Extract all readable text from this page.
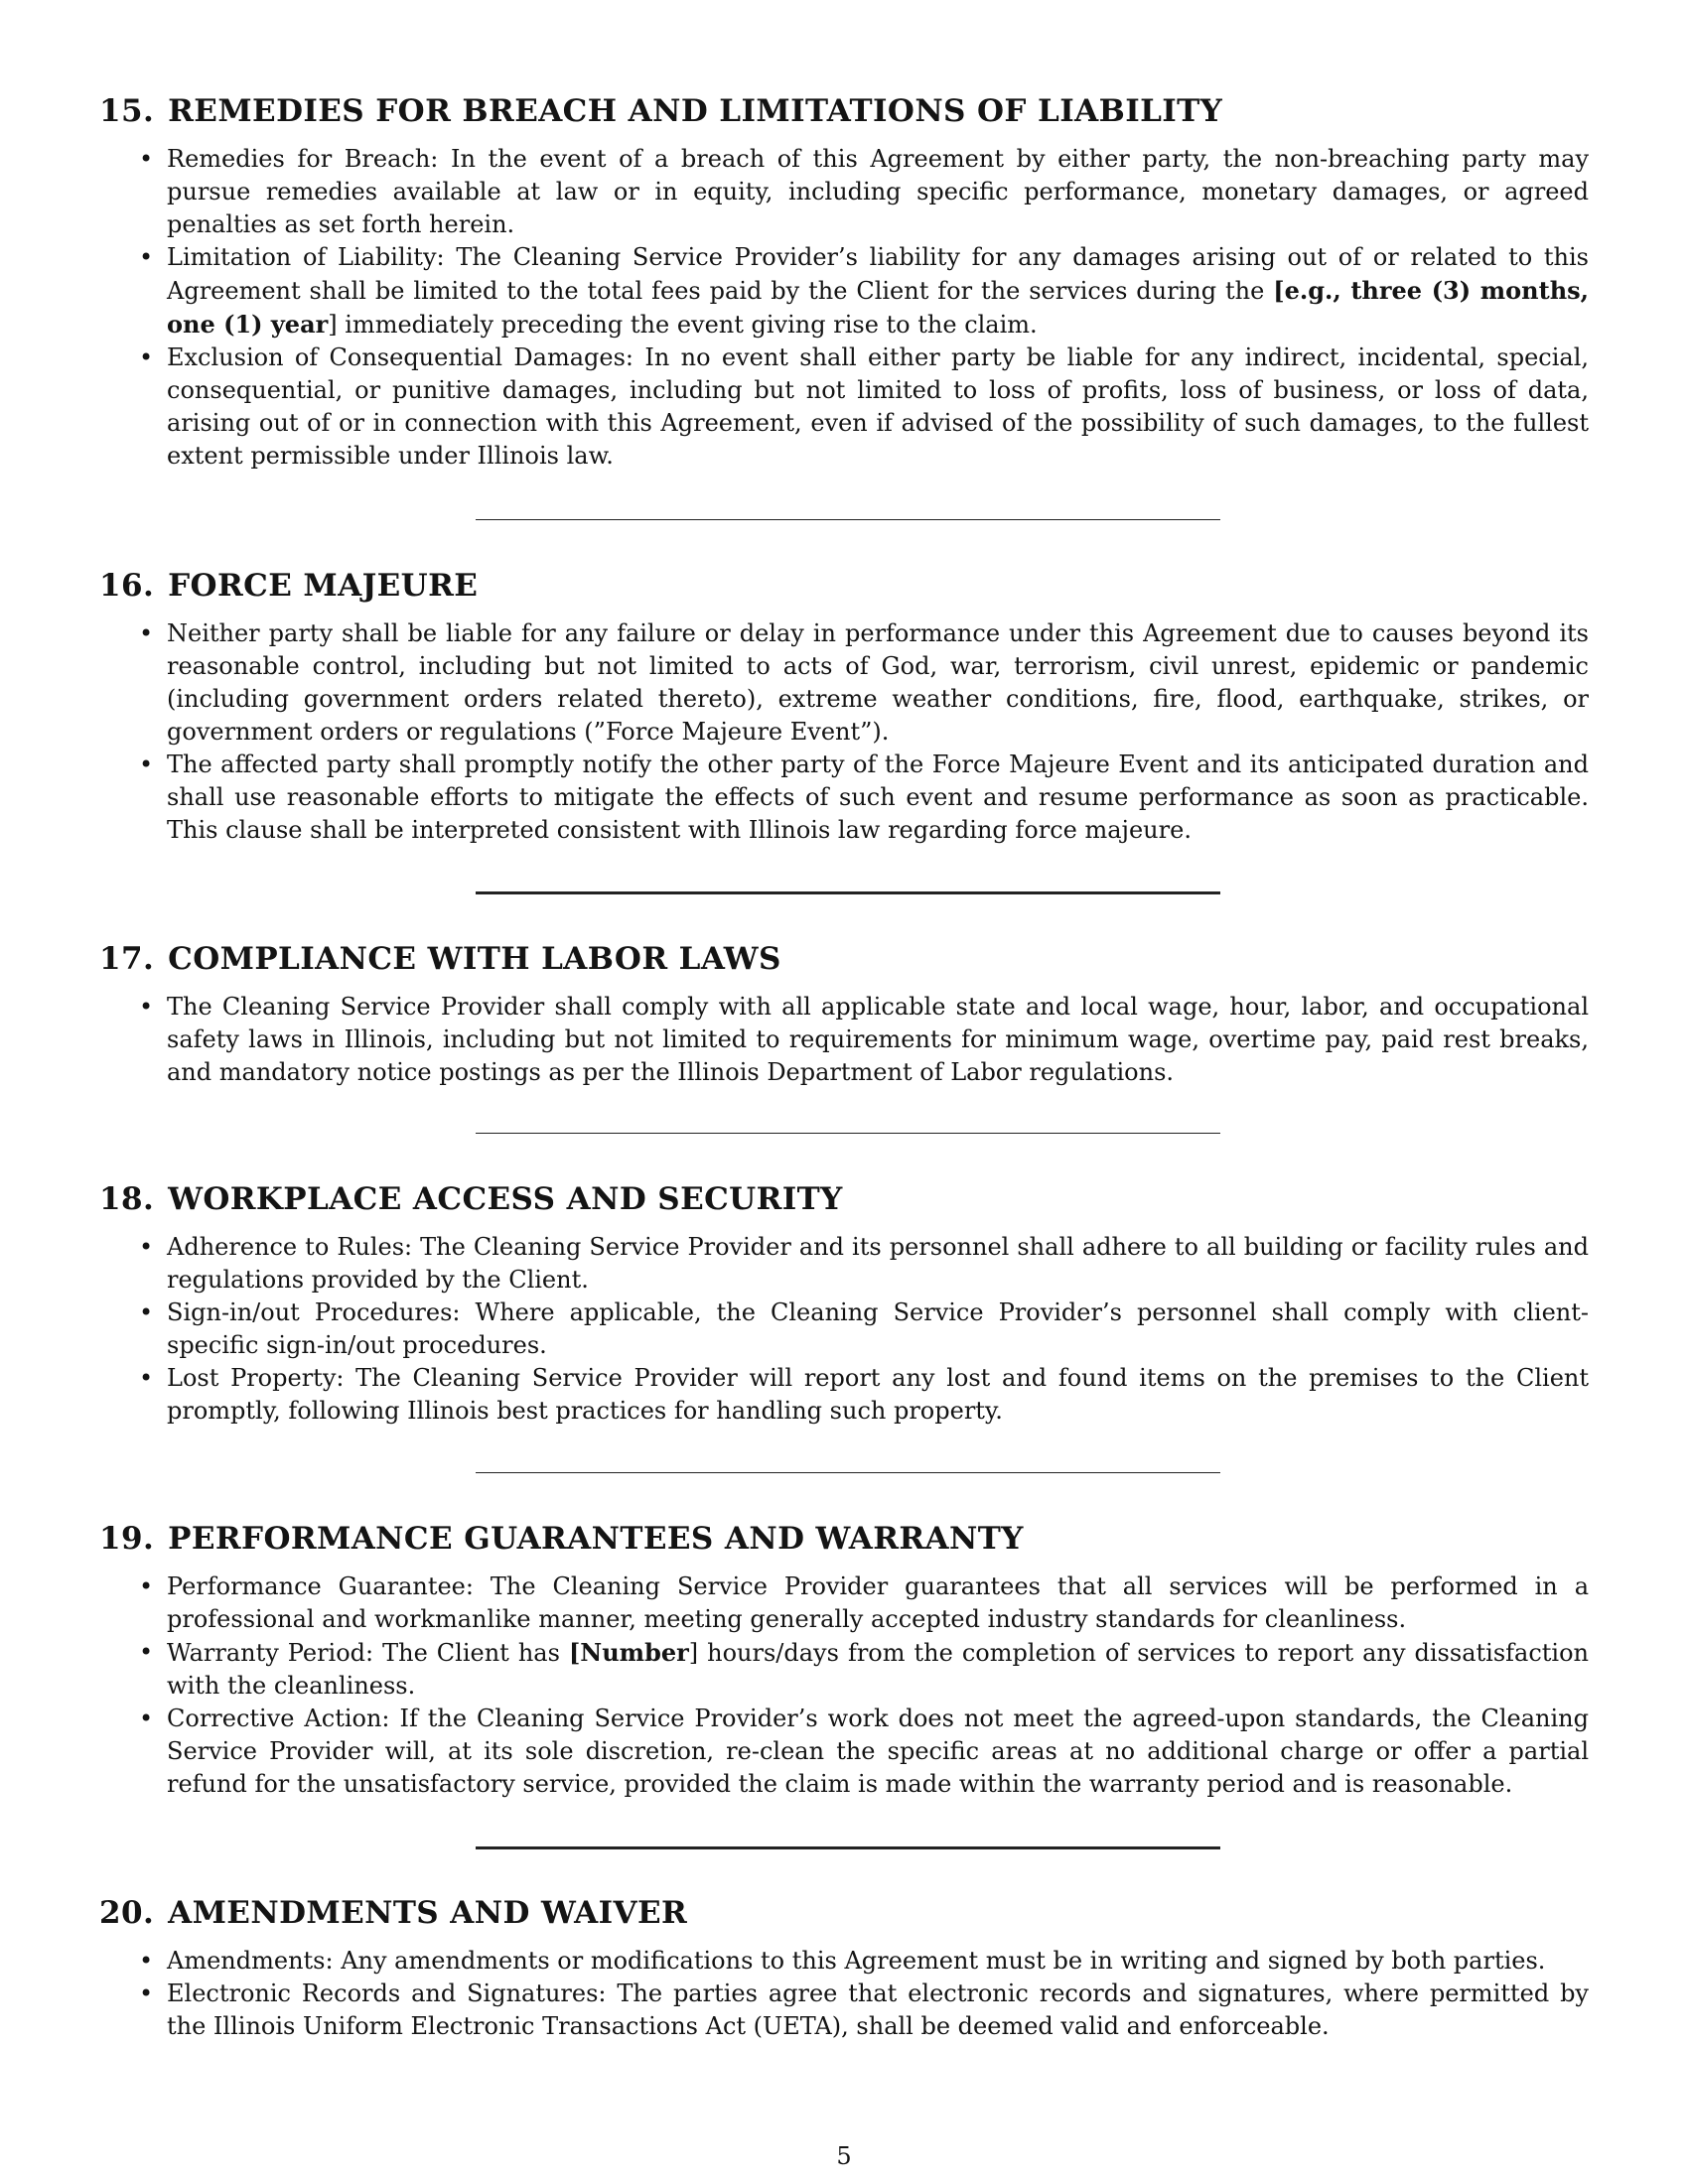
15. REMEDIES FOR BREACH AND LIMITATIONS OF LIABILITY
• Remedies for Breach: In the event of a breach of this Agreement by either party, the non-breaching party may pursue remedies available at law or in equity, including specific performance, monetary damages, or agreed penalties as set forth herein.
• Limitation of Liability: The Cleaning Service Provider’s liability for any damages arising out of or related to this Agreement shall be limited to the total fees paid by the Client for the services during the [e.g., three (3) months, one (1) year] immediately preceding the event giving rise to the claim.
• Exclusion of Consequential Damages: In no event shall either party be liable for any indirect, incidental, special, consequential, or punitive damages, including but not limited to loss of profits, loss of business, or loss of data, arising out of or in connection with this Agreement, even if advised of the possibility of such damages, to the fullest extent permissible under Illinois law.
16. FORCE MAJEURE
• Neither party shall be liable for any failure or delay in performance under this Agreement due to causes beyond its reasonable control, including but not limited to acts of God, war, terrorism, civil unrest, epidemic or pandemic (including government orders related thereto), extreme weather conditions, fire, flood, earthquake, strikes, or government orders or regulations (”Force Majeure Event”).
• The affected party shall promptly notify the other party of the Force Majeure Event and its anticipated duration and shall use reasonable efforts to mitigate the effects of such event and resume performance as soon as practicable. This clause shall be interpreted consistent with Illinois law regarding force majeure.
17. COMPLIANCE WITH LABOR LAWS
• The Cleaning Service Provider shall comply with all applicable state and local wage, hour, labor, and occupational safety laws in Illinois, including but not limited to requirements for minimum wage, overtime pay, paid rest breaks, and mandatory notice postings as per the Illinois Department of Labor regulations.
18. WORKPLACE ACCESS AND SECURITY
• Adherence to Rules: The Cleaning Service Provider and its personnel shall adhere to all building or facility rules and regulations provided by the Client.
• Sign-in/out Procedures: Where applicable, the Cleaning Service Provider’s personnel shall comply with client-specific sign-in/out procedures.
• Lost Property: The Cleaning Service Provider will report any lost and found items on the premises to the Client promptly, following Illinois best practices for handling such property.
19. PERFORMANCE GUARANTEES AND WARRANTY
• Performance Guarantee: The Cleaning Service Provider guarantees that all services will be performed in a professional and workmanlike manner, meeting generally accepted industry standards for cleanliness.
• Warranty Period: The Client has [Number] hours/days from the completion of services to report any dissatisfaction with the cleanliness.
• Corrective Action: If the Cleaning Service Provider’s work does not meet the agreed-upon standards, the Cleaning Service Provider will, at its sole discretion, re-clean the specific areas at no additional charge or offer a partial refund for the unsatisfactory service, provided the claim is made within the warranty period and is reasonable.
20. AMENDMENTS AND WAIVER
• Amendments: Any amendments or modifications to this Agreement must be in writing and signed by both parties.
• Electronic Records and Signatures: The parties agree that electronic records and signatures, where permitted by the Illinois Uniform Electronic Transactions Act (UETA), shall be deemed valid and enforceable.
5
